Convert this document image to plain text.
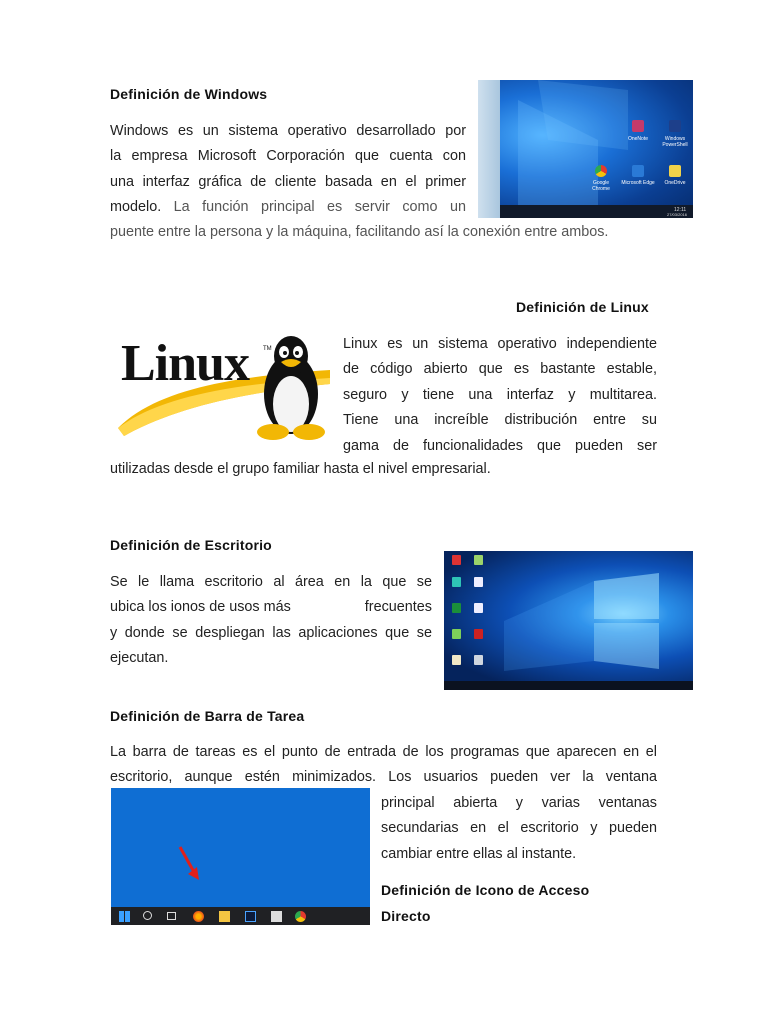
Definición de Windows
Windows es un sistema operativo desarrollado por
la empresa Microsoft Corporación que cuenta con
una interfaz gráfica de cliente basada en el primer
modelo. La función principal es servir como un
puente entre la persona y la máquina, facilitando así la conexión entre ambos.
OneNote	Windows PowerShell
Google Chrome
Microsoft Edge	OneDrive
12:11
27/03/2016
Definición de Linux
Linux TM	Linux es un sistema operativo independiente
de código abierto que es bastante estable,
seguro y tiene una interfaz y multitarea.
Tiene una increíble distribución entre su
gama de funcionalidades que pueden ser
utilizadas desde el grupo familiar hasta el nivel empresarial.
Definición de Escritorio
Se le llama escritorio al área en la que se
ubica los ionos de usos más	frecuentes
y donde se despliegan las aplicaciones que se
ejecutan.
Definición de Barra de Tarea
La barra de tareas es el punto de entrada de los programas que aparecen en el
escritorio, aunque estén minimizados. Los usuarios pueden ver la ventana
principal abierta y varias ventanas
secundarias en el escritorio y pueden
cambiar entre ellas al instante.
Definición de Icono de Acceso
Directo
